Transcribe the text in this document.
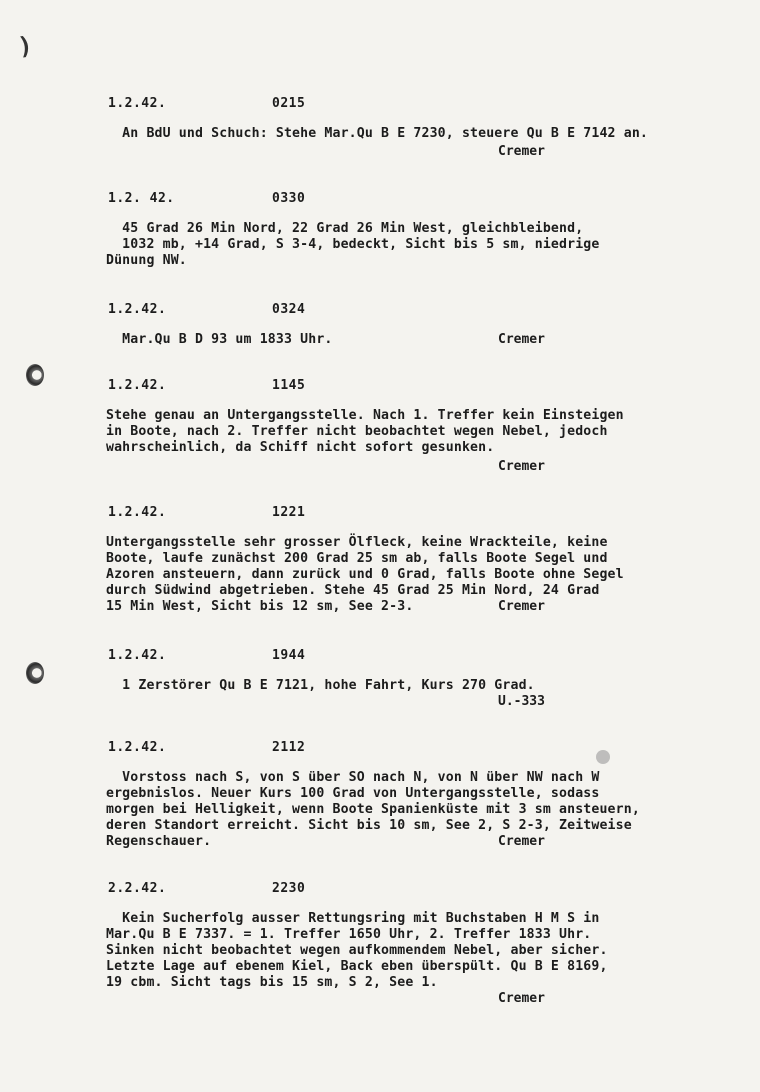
)
1.2.42.	0215
An BdU und Schuch: Stehe Mar.Qu B E 7230, steuere Qu B E 7142 an.
Cremer
1.2. 42.	0330
45 Grad 26 Min Nord, 22 Grad 26 Min West, gleichbleibend,
1032 mb, +14 Grad, S 3-4, bedeckt, Sicht bis 5 sm, niedrige
Dünung NW.
1.2.42.	0324
Mar.Qu B D 93 um 1833 Uhr.	Cremer
1.2.42.	1145
Stehe genau an Untergangsstelle. Nach 1. Treffer kein Einsteigen
in Boote, nach 2. Treffer nicht beobachtet wegen Nebel, jedoch
wahrscheinlich, da Schiff nicht sofort gesunken.
Cremer
1.2.42.	1221
Untergangsstelle sehr grosser Ölfleck, keine Wrackteile, keine
Boote, laufe zunächst 200 Grad 25 sm ab, falls Boote Segel und
Azoren ansteuern, dann zurück und 0 Grad, falls Boote ohne Segel
durch Südwind abgetrieben. Stehe 45 Grad 25 Min Nord, 24 Grad
15 Min West, Sicht bis 12 sm, See 2-3.	Cremer
1.2.42.	1944
1 Zerstörer Qu B E 7121, hohe Fahrt, Kurs 270 Grad.
U.-333
1.2.42.	2112
Vorstoss nach S, von S über SO nach N, von N über NW nach W
ergebnislos. Neuer Kurs 100 Grad von Untergangsstelle, sodass
morgen bei Helligkeit, wenn Boote Spanienküste mit 3 sm ansteuern,
deren Standort erreicht. Sicht bis 10 sm, See 2, S 2-3, Zeitweise
Regenschauer.	Cremer
2.2.42.	2230
Kein Sucherfolg ausser Rettungsring mit Buchstaben H M S in
Mar.Qu B E 7337. = 1. Treffer 1650 Uhr, 2. Treffer 1833 Uhr.
Sinken nicht beobachtet wegen aufkommendem Nebel, aber sicher.
Letzte Lage auf ebenem Kiel, Back eben überspült. Qu B E 8169,
19 cbm. Sicht tags bis 15 sm, S 2, See 1.
Cremer
